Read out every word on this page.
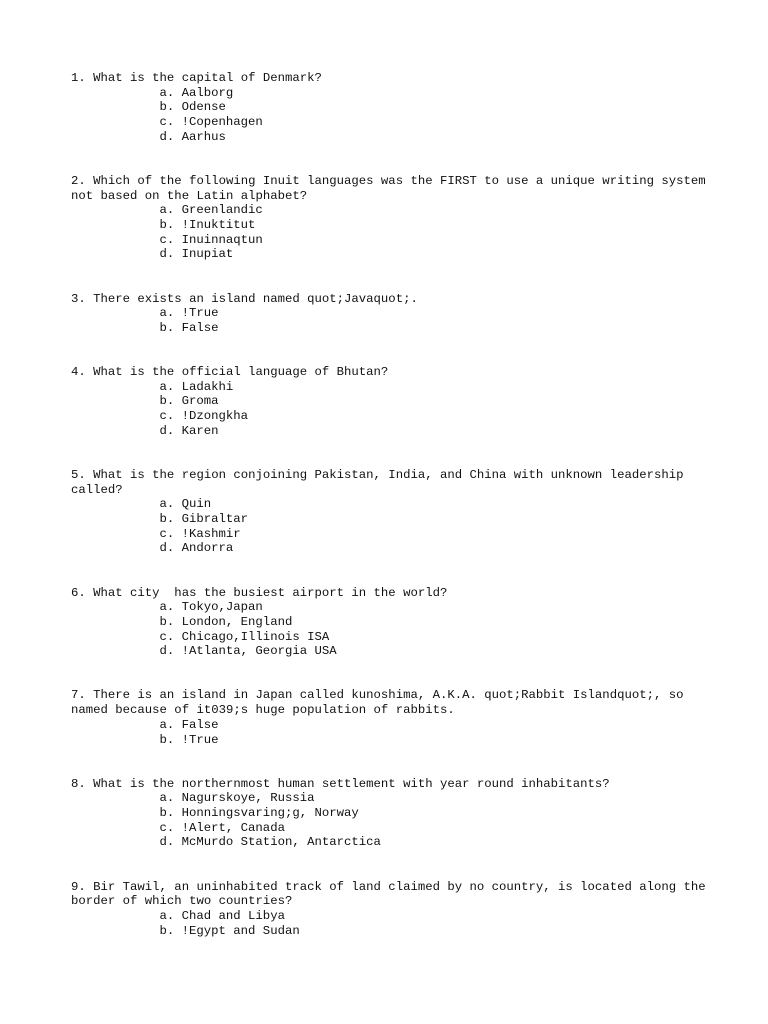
1. What is the capital of Denmark?
a. Aalborg
b. Odense
c. !Copenhagen
d. Aarhus
2. Which of the following Inuit languages was the FIRST to use a unique writing system not based on the Latin alphabet?
a. Greenlandic
b. !Inuktitut
c. Inuinnaqtun
d. Inupiat
3. There exists an island named quot;Javaquot;.
a. !True
b. False
4. What is the official language of Bhutan?
a. Ladakhi
b. Groma
c. !Dzongkha
d. Karen
5. What is the region conjoining Pakistan, India, and China with unknown leadership called?
a. Quin
b. Gibraltar
c. !Kashmir
d. Andorra
6. What city  has the busiest airport in the world?
a. Tokyo,Japan
b. London, England
c. Chicago,Illinois ISA
d. !Atlanta, Georgia USA
7. There is an island in Japan called kunoshima, A.K.A. quot;Rabbit Islandquot;, so named because of it039;s huge population of rabbits.
a. False
b. !True
8. What is the northernmost human settlement with year round inhabitants?
a. Nagurskoye, Russia
b. Honningsvaring;g, Norway
c. !Alert, Canada
d. McMurdo Station, Antarctica
9. Bir Tawil, an uninhabited track of land claimed by no country, is located along the border of which two countries?
a. Chad and Libya
b. !Egypt and Sudan
